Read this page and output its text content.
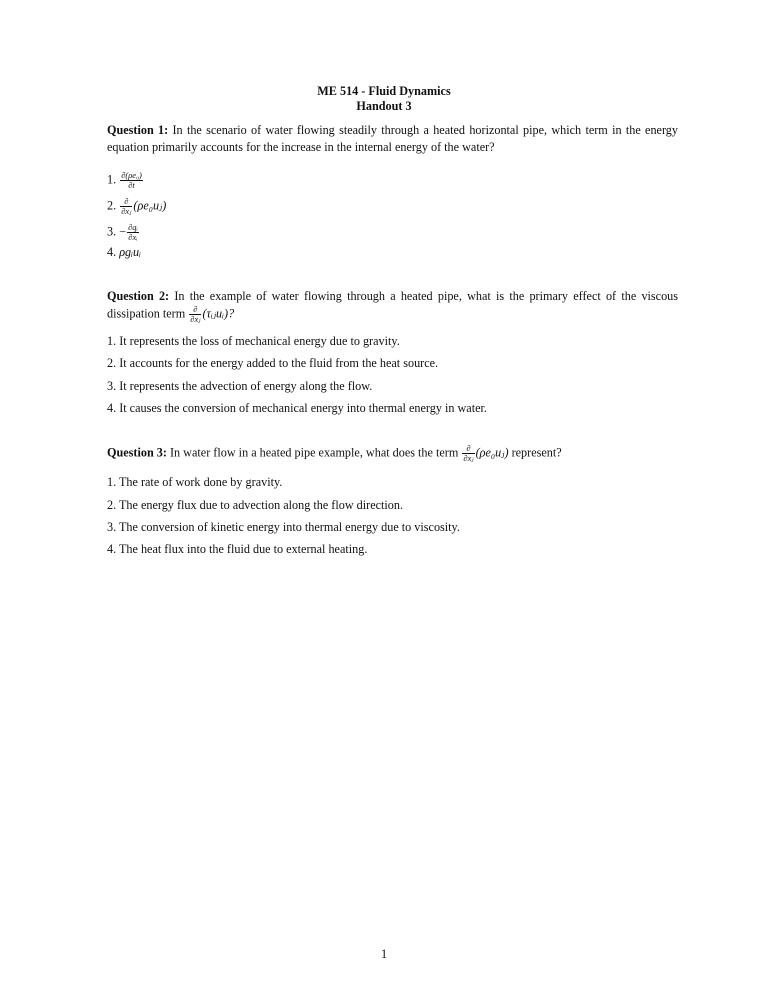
ME 514 - Fluid Dynamics
Handout 3
Question 1: In the scenario of water flowing steadily through a heated horizontal pipe, which term in the energy equation primarily accounts for the increase in the internal energy of the water?
1. $\frac{\text{∂(ρe₀)}}{\partial t}$
2. $\frac{\partial}{\text{∂xⱼ}}$ (ρe₀uⱼ)
3. − $\frac{\text{∂qᵢ}}{\text{∂xᵢ}}$
4. ρgᵢuᵢ
Question 2: In the example of water flowing through a heated pipe, what is the primary effect of the viscous dissipation term $\frac{\partial}{\text{∂xⱼ}}$ (τᵢⱼuᵢ)?
1. It represents the loss of mechanical energy due to gravity.
2. It accounts for the energy added to the fluid from the heat source.
3. It represents the advection of energy along the flow.
4. It causes the conversion of mechanical energy into thermal energy in water.
Question 3: In water flow in a heated pipe example, what does the term $\frac{\partial}{\text{∂xⱼ}}$ (ρe₀uⱼ) represent?
1. The rate of work done by gravity.
2. The energy flux due to advection along the flow direction.
3. The conversion of kinetic energy into thermal energy due to viscosity.
4. The heat flux into the fluid due to external heating.
1
